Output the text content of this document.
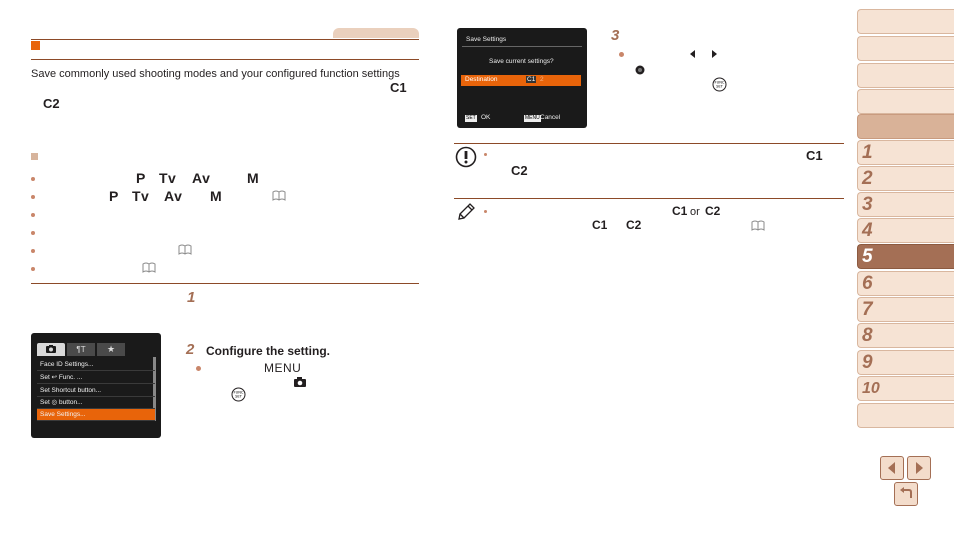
Save commonly used shooting modes and your configured function settings
C1
C2
P Tv Av	M
P Tv Av M
1
¶T	★
Face ID Settings...
Set ↩ Func. ...
Set Shortcut button...
Set ◎ button...
Save Settings...
2 Configure the setting.
MENU
FUNC
SET
Save Settings
Save current settings?
Destination	C1 2
SET OK	MENU Cancel
3
FUNC
SET
C1
C2
C1 or C2
C1 C2
1
2
3
4
5
6
7
8
9
10
